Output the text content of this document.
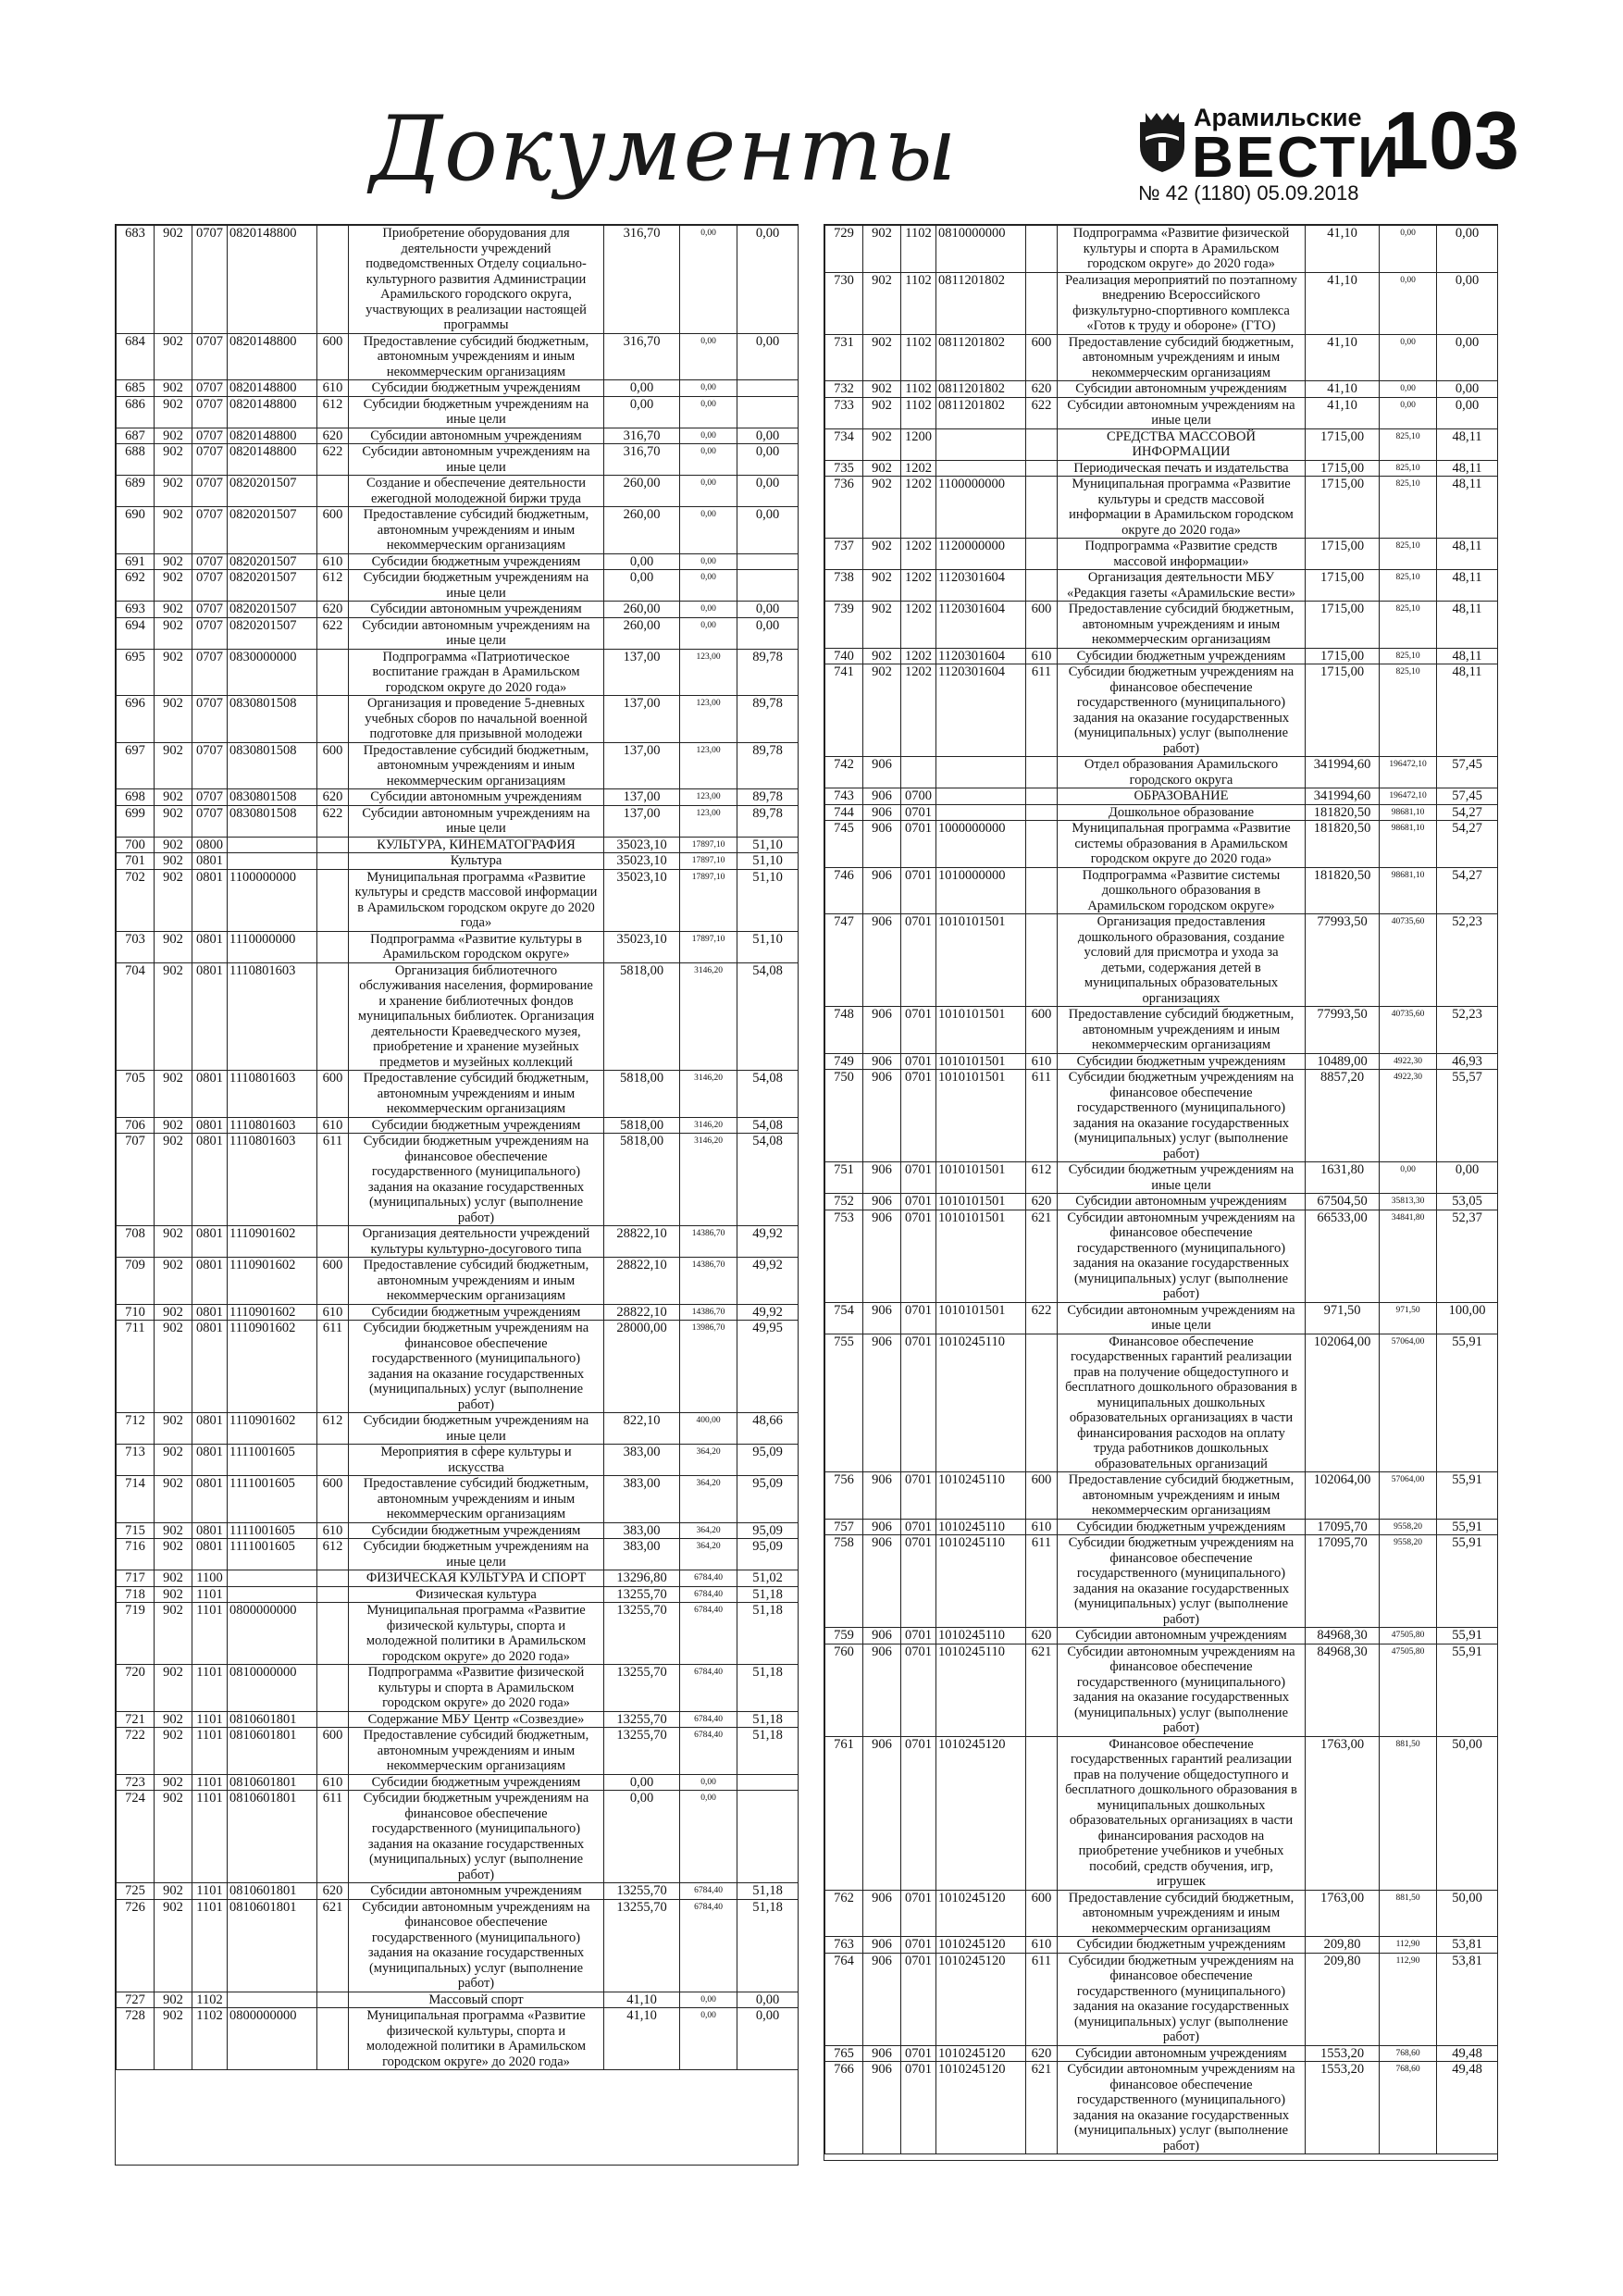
Документы	Арамильские
ВЕСТИ
103
№ 42 (1180) 05.09.2018
683	902	0707	0820148800		Приобретение оборудования для деятельности учреждений подведомственных Отделу социально-культурного развития Администрации Арамильского городского округа, участвующих в реализации настоящей программы	316,70	0,00	0,00
684	902	0707	0820148800	600	Предоставление субсидий бюджетным, автономным учреждениям и иным некоммерческим организациям	316,70	0,00	0,00
685	902	0707	0820148800	610	Субсидии бюджетным учреждениям	0,00	0,00	
686	902	0707	0820148800	612	Субсидии бюджетным учреждениям на иные цели	0,00	0,00	
687	902	0707	0820148800	620	Субсидии автономным учреждениям	316,70	0,00	0,00
688	902	0707	0820148800	622	Субсидии автономным учреждениям на иные цели	316,70	0,00	0,00
689	902	0707	0820201507		Создание и обеспечение деятельности ежегодной молодежной биржи труда	260,00	0,00	0,00
690	902	0707	0820201507	600	Предоставление субсидий бюджетным, автономным учреждениям и иным некоммерческим организациям	260,00	0,00	0,00
691	902	0707	0820201507	610	Субсидии бюджетным учреждениям	0,00	0,00	
692	902	0707	0820201507	612	Субсидии бюджетным учреждениям на иные цели	0,00	0,00	
693	902	0707	0820201507	620	Субсидии автономным учреждениям	260,00	0,00	0,00
694	902	0707	0820201507	622	Субсидии автономным учреждениям на иные цели	260,00	0,00	0,00
695	902	0707	0830000000		Подпрограмма «Патриотическое воспитание граждан в Арамильском городском округе до 2020 года»	137,00	123,00	89,78
696	902	0707	0830801508		Организация и проведение 5-дневных учебных сборов по начальной военной подготовке для призывной молодежи	137,00	123,00	89,78
697	902	0707	0830801508	600	Предоставление субсидий бюджетным, автономным учреждениям и иным некоммерческим организациям	137,00	123,00	89,78
698	902	0707	0830801508	620	Субсидии автономным учреждениям	137,00	123,00	89,78
699	902	0707	0830801508	622	Субсидии автономным учреждениям на иные цели	137,00	123,00	89,78
700	902	0800			КУЛЬТУРА, КИНЕМАТОГРАФИЯ	35023,10	17897,10	51,10
701	902	0801			Культура	35023,10	17897,10	51,10
702	902	0801	1100000000		Муниципальная программа «Развитие культуры и средств массовой информации в Арамильском городском округе до 2020 года»	35023,10	17897,10	51,10
703	902	0801	1110000000		Подпрограмма «Развитие культуры в Арамильском городском округе»	35023,10	17897,10	51,10
704	902	0801	1110801603		Организация библиотечного обслуживания населения, формирование и хранение библиотечных фондов муниципальных библиотек. Организация деятельности Краеведческого музея, приобретение и хранение музейных предметов и музейных коллекций	5818,00	3146,20	54,08
705	902	0801	1110801603	600	Предоставление субсидий бюджетным, автономным учреждениям и иным некоммерческим организациям	5818,00	3146,20	54,08
706	902	0801	1110801603	610	Субсидии бюджетным учреждениям	5818,00	3146,20	54,08
707	902	0801	1110801603	611	Субсидии бюджетным учреждениям на финансовое обеспечение государственного (муниципального) задания на оказание государственных (муниципальных) услуг (выполнение работ)	5818,00	3146,20	54,08
708	902	0801	1110901602		Организация деятельности учреждений культуры культурно-досугового типа	28822,10	14386,70	49,92
709	902	0801	1110901602	600	Предоставление субсидий бюджетным, автономным учреждениям и иным некоммерческим организациям	28822,10	14386,70	49,92
710	902	0801	1110901602	610	Субсидии бюджетным учреждениям	28822,10	14386,70	49,92
711	902	0801	1110901602	611	Субсидии бюджетным учреждениям на финансовое обеспечение государственного (муниципального) задания на оказание государственных (муниципальных) услуг (выполнение работ)	28000,00	13986,70	49,95
712	902	0801	1110901602	612	Субсидии бюджетным учреждениям на иные цели	822,10	400,00	48,66
713	902	0801	1111001605		Мероприятия в сфере культуры и искусства	383,00	364,20	95,09
714	902	0801	1111001605	600	Предоставление субсидий бюджетным, автономным учреждениям и иным некоммерческим организациям	383,00	364,20	95,09
715	902	0801	1111001605	610	Субсидии бюджетным учреждениям	383,00	364,20	95,09
716	902	0801	1111001605	612	Субсидии бюджетным учреждениям на иные цели	383,00	364,20	95,09
717	902	1100			ФИЗИЧЕСКАЯ КУЛЬТУРА И СПОРТ	13296,80	6784,40	51,02
718	902	1101			Физическая культура	13255,70	6784,40	51,18
719	902	1101	0800000000		Муниципальная программа «Развитие физической культуры, спорта и молодежной политики в Арамильском городском округе» до 2020 года»	13255,70	6784,40	51,18
720	902	1101	0810000000		Подпрограмма «Развитие физической культуры и спорта в Арамильском городском округе» до 2020 года»	13255,70	6784,40	51,18
721	902	1101	0810601801		Содержание МБУ Центр «Созвездие»	13255,70	6784,40	51,18
722	902	1101	0810601801	600	Предоставление субсидий бюджетным, автономным учреждениям и иным некоммерческим организациям	13255,70	6784,40	51,18
723	902	1101	0810601801	610	Субсидии бюджетным учреждениям	0,00	0,00	
724	902	1101	0810601801	611	Субсидии бюджетным учреждениям на финансовое обеспечение государственного (муниципального) задания на оказание государственных (муниципальных) услуг (выполнение работ)	0,00	0,00	
725	902	1101	0810601801	620	Субсидии автономным учреждениям	13255,70	6784,40	51,18
726	902	1101	0810601801	621	Субсидии автономным учреждениям на финансовое обеспечение государственного (муниципального) задания на оказание государственных (муниципальных) услуг (выполнение работ)	13255,70	6784,40	51,18
727	902	1102			Массовый спорт	41,10	0,00	0,00
728	902	1102	0800000000		Муниципальная программа «Развитие физической культуры, спорта и молодежной политики в Арамильском городском округе» до 2020 года»	41,10	0,00	0,00
729	902	1102	0810000000		Подпрограмма «Развитие физической культуры и спорта в Арамильском городском округе» до 2020 года»	41,10	0,00	0,00
730	902	1102	0811201802		Реализация мероприятий по поэтапному внедрению Всероссийского физкультурно-спортивного комплекса «Готов к труду и обороне» (ГТО)	41,10	0,00	0,00
731	902	1102	0811201802	600	Предоставление субсидий бюджетным, автономным учреждениям и иным некоммерческим организациям	41,10	0,00	0,00
732	902	1102	0811201802	620	Субсидии автономным учреждениям	41,10	0,00	0,00
733	902	1102	0811201802	622	Субсидии автономным учреждениям на иные цели	41,10	0,00	0,00
734	902	1200			СРЕДСТВА МАССОВОЙ ИНФОРМАЦИИ	1715,00	825,10	48,11
735	902	1202			Периодическая печать и издательства	1715,00	825,10	48,11
736	902	1202	1100000000		Муниципальная программа «Развитие культуры и средств массовой информации в Арамильском городском округе до 2020 года»	1715,00	825,10	48,11
737	902	1202	1120000000		Подпрограмма «Развитие средств массовой информации»	1715,00	825,10	48,11
738	902	1202	1120301604		Организация деятельности МБУ «Редакция газеты «Арамильские вести»	1715,00	825,10	48,11
739	902	1202	1120301604	600	Предоставление субсидий бюджетным, автономным учреждениям и иным некоммерческим организациям	1715,00	825,10	48,11
740	902	1202	1120301604	610	Субсидии бюджетным учреждениям	1715,00	825,10	48,11
741	902	1202	1120301604	611	Субсидии бюджетным учреждениям на финансовое обеспечение государственного (муниципального) задания на оказание государственных (муниципальных) услуг (выполнение работ)	1715,00	825,10	48,11
742	906				Отдел образования Арамильского городского округа	341994,60	196472,10	57,45
743	906	0700			ОБРАЗОВАНИЕ	341994,60	196472,10	57,45
744	906	0701			Дошкольное образование	181820,50	98681,10	54,27
745	906	0701	1000000000		Муниципальная программа «Развитие системы образования в Арамильском городском округе до 2020 года»	181820,50	98681,10	54,27
746	906	0701	1010000000		Подпрограмма «Развитие системы дошкольного образования в Арамильском городском округе»	181820,50	98681,10	54,27
747	906	0701	1010101501		Организация предоставления дошкольного образования, создание условий для присмотра и ухода за детьми, содержания детей в муниципальных образовательных организациях	77993,50	40735,60	52,23
748	906	0701	1010101501	600	Предоставление субсидий бюджетным, автономным учреждениям и иным некоммерческим организациям	77993,50	40735,60	52,23
749	906	0701	1010101501	610	Субсидии бюджетным учреждениям	10489,00	4922,30	46,93
750	906	0701	1010101501	611	Субсидии бюджетным учреждениям на финансовое обеспечение государственного (муниципального) задания на оказание государственных (муниципальных) услуг (выполнение работ)	8857,20	4922,30	55,57
751	906	0701	1010101501	612	Субсидии бюджетным учреждениям на иные цели	1631,80	0,00	0,00
752	906	0701	1010101501	620	Субсидии автономным учреждениям	67504,50	35813,30	53,05
753	906	0701	1010101501	621	Субсидии автономным учреждениям на финансовое обеспечение государственного (муниципального) задания на оказание государственных (муниципальных) услуг (выполнение работ)	66533,00	34841,80	52,37
754	906	0701	1010101501	622	Субсидии автономным учреждениям на иные цели	971,50	971,50	100,00
755	906	0701	1010245110		Финансовое обеспечение государственных гарантий реализации прав на получение общедоступного и бесплатного дошкольного образования в муниципальных дошкольных образовательных организациях в части финансирования расходов на оплату труда работников дошкольных образовательных организаций	102064,00	57064,00	55,91
756	906	0701	1010245110	600	Предоставление субсидий бюджетным, автономным учреждениям и иным некоммерческим организациям	102064,00	57064,00	55,91
757	906	0701	1010245110	610	Субсидии бюджетным учреждениям	17095,70	9558,20	55,91
758	906	0701	1010245110	611	Субсидии бюджетным учреждениям на финансовое обеспечение государственного (муниципального) задания на оказание государственных (муниципальных) услуг (выполнение работ)	17095,70	9558,20	55,91
759	906	0701	1010245110	620	Субсидии автономным учреждениям	84968,30	47505,80	55,91
760	906	0701	1010245110	621	Субсидии автономным учреждениям на финансовое обеспечение государственного (муниципального) задания на оказание государственных (муниципальных) услуг (выполнение работ)	84968,30	47505,80	55,91
761	906	0701	1010245120		Финансовое обеспечение государственных гарантий реализации прав на получение общедоступного и бесплатного дошкольного образования в муниципальных дошкольных образовательных организациях в части финансирования расходов на приобретение учебников и учебных пособий, средств обучения, игр, игрушек	1763,00	881,50	50,00
762	906	0701	1010245120	600	Предоставление субсидий бюджетным, автономным учреждениям и иным некоммерческим организациям	1763,00	881,50	50,00
763	906	0701	1010245120	610	Субсидии бюджетным учреждениям	209,80	112,90	53,81
764	906	0701	1010245120	611	Субсидии бюджетным учреждениям на финансовое обеспечение государственного (муниципального) задания на оказание государственных (муниципальных) услуг (выполнение работ)	209,80	112,90	53,81
765	906	0701	1010245120	620	Субсидии автономным учреждениям	1553,20	768,60	49,48
766	906	0701	1010245120	621	Субсидии автономным учреждениям на финансовое обеспечение государственного (муниципального) задания на оказание государственных (муниципальных) услуг (выполнение работ)	1553,20	768,60	49,48
